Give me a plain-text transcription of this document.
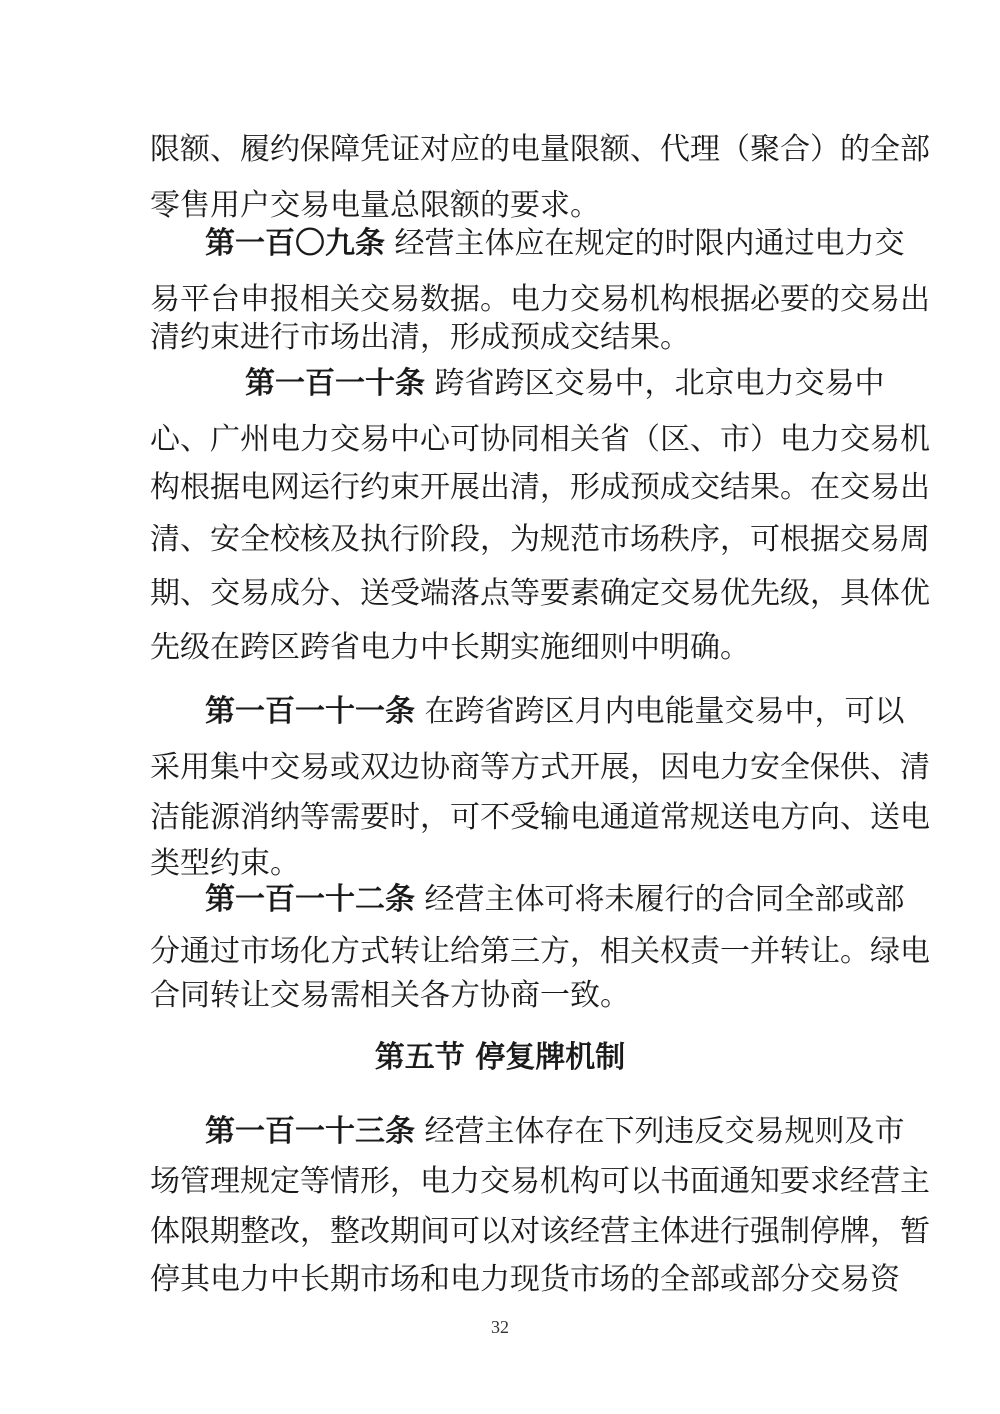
限额、履约保障凭证对应的电量限额、代理（聚合）的全部
零售用户交易电量总限额的要求。
第一百〇九条 经营主体应在规定的时限内通过电力交
易平台申报相关交易数据。电力交易机构根据必要的交易出
清约束进行市场出清，形成预成交结果。
第一百一十条 跨省跨区交易中，北京电力交易中
心、广州电力交易中心可协同相关省（区、市）电力交易机
构根据电网运行约束开展出清，形成预成交结果。在交易出
清、安全校核及执行阶段，为规范市场秩序，可根据交易周
期、交易成分、送受端落点等要素确定交易优先级，具体优
先级在跨区跨省电力中长期实施细则中明确。
第一百一十一条 在跨省跨区月内电能量交易中，可以
采用集中交易或双边协商等方式开展，因电力安全保供、清
洁能源消纳等需要时，可不受输电通道常规送电方向、送电
类型约束。
第一百一十二条 经营主体可将未履行的合同全部或部
分通过市场化方式转让给第三方，相关权责一并转让。绿电
合同转让交易需相关各方协商一致。
第五节 停复牌机制
第一百一十三条 经营主体存在下列违反交易规则及市
场管理规定等情形，电力交易机构可以书面通知要求经营主
体限期整改，整改期间可以对该经营主体进行强制停牌，暂
停其电力中长期市场和电力现货市场的全部或部分交易资
32
